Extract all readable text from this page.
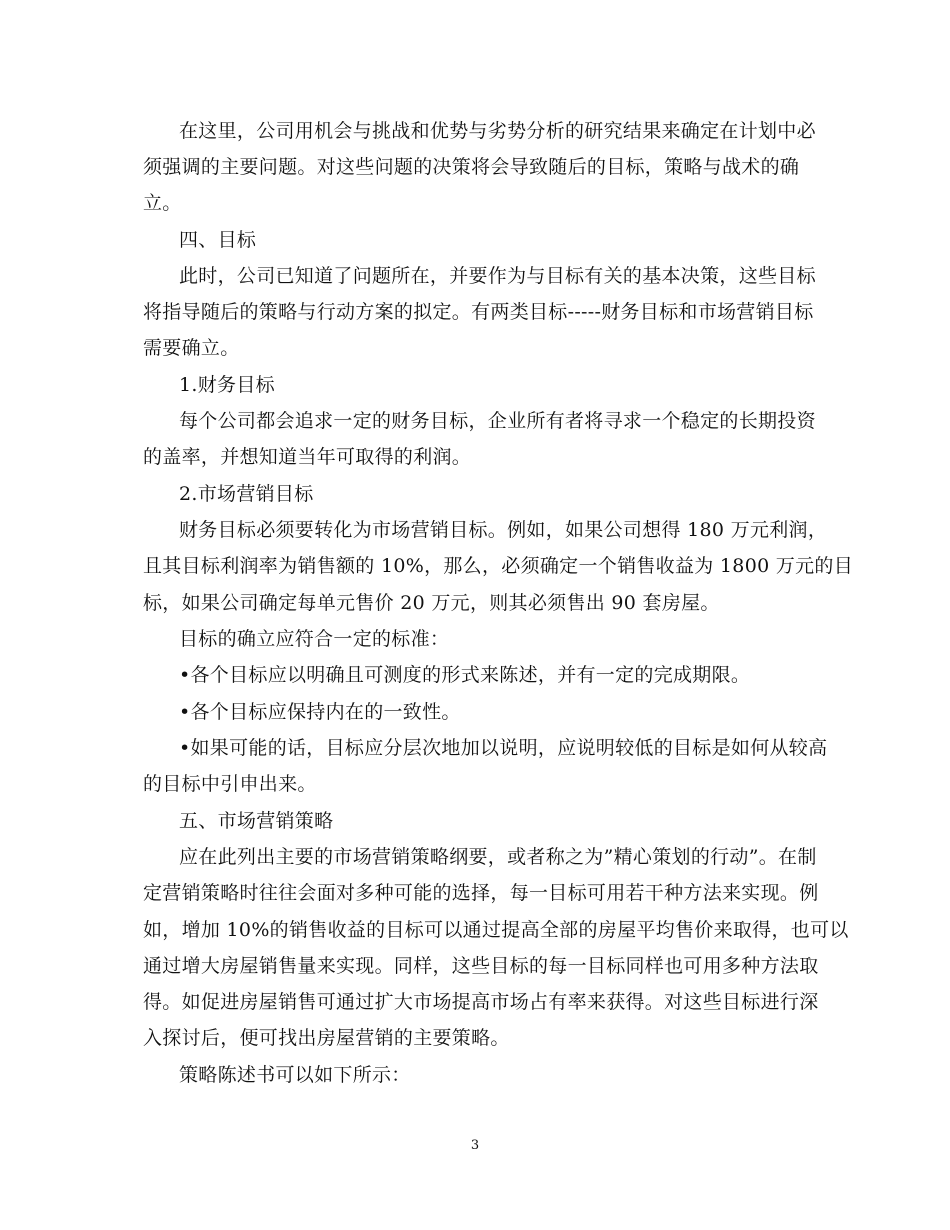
在这里，公司用机会与挑战和优势与劣势分析的研究结果来确定在计划中必
须强调的主要问题。对这些问题的决策将会导致随后的目标，策略与战术的确
立。
四、目标
此时，公司已知道了问题所在，并要作为与目标有关的基本决策，这些目标
将指导随后的策略与行动方案的拟定。有两类目标-----财务目标和市场营销目标
需要确立。
1.财务目标
每个公司都会追求一定的财务目标，企业所有者将寻求一个稳定的长期投资
的盖率，并想知道当年可取得的利润。
2.市场营销目标
财务目标必须要转化为市场营销目标。例如，如果公司想得 180 万元利润，
且其目标利润率为销售额的 10%，那么，必须确定一个销售收益为 1800 万元的目
标，如果公司确定每单元售价 20 万元，则其必须售出 90 套房屋。
目标的确立应符合一定的标准：
•各个目标应以明确且可测度的形式来陈述，并有一定的完成期限。
•各个目标应保持内在的一致性。
•如果可能的话，目标应分层次地加以说明，应说明较低的目标是如何从较高
的目标中引申出来。
五、市场营销策略
应在此列出主要的市场营销策略纲要，或者称之为”精心策划的行动”。在制
定营销策略时往往会面对多种可能的选择，每一目标可用若干种方法来实现。例
如，增加 10%的销售收益的目标可以通过提高全部的房屋平均售价来取得，也可以
通过增大房屋销售量来实现。同样，这些目标的每一目标同样也可用多种方法取
得。如促进房屋销售可通过扩大市场提高市场占有率来获得。对这些目标进行深
入探讨后，便可找出房屋营销的主要策略。
策略陈述书可以如下所示：
3
